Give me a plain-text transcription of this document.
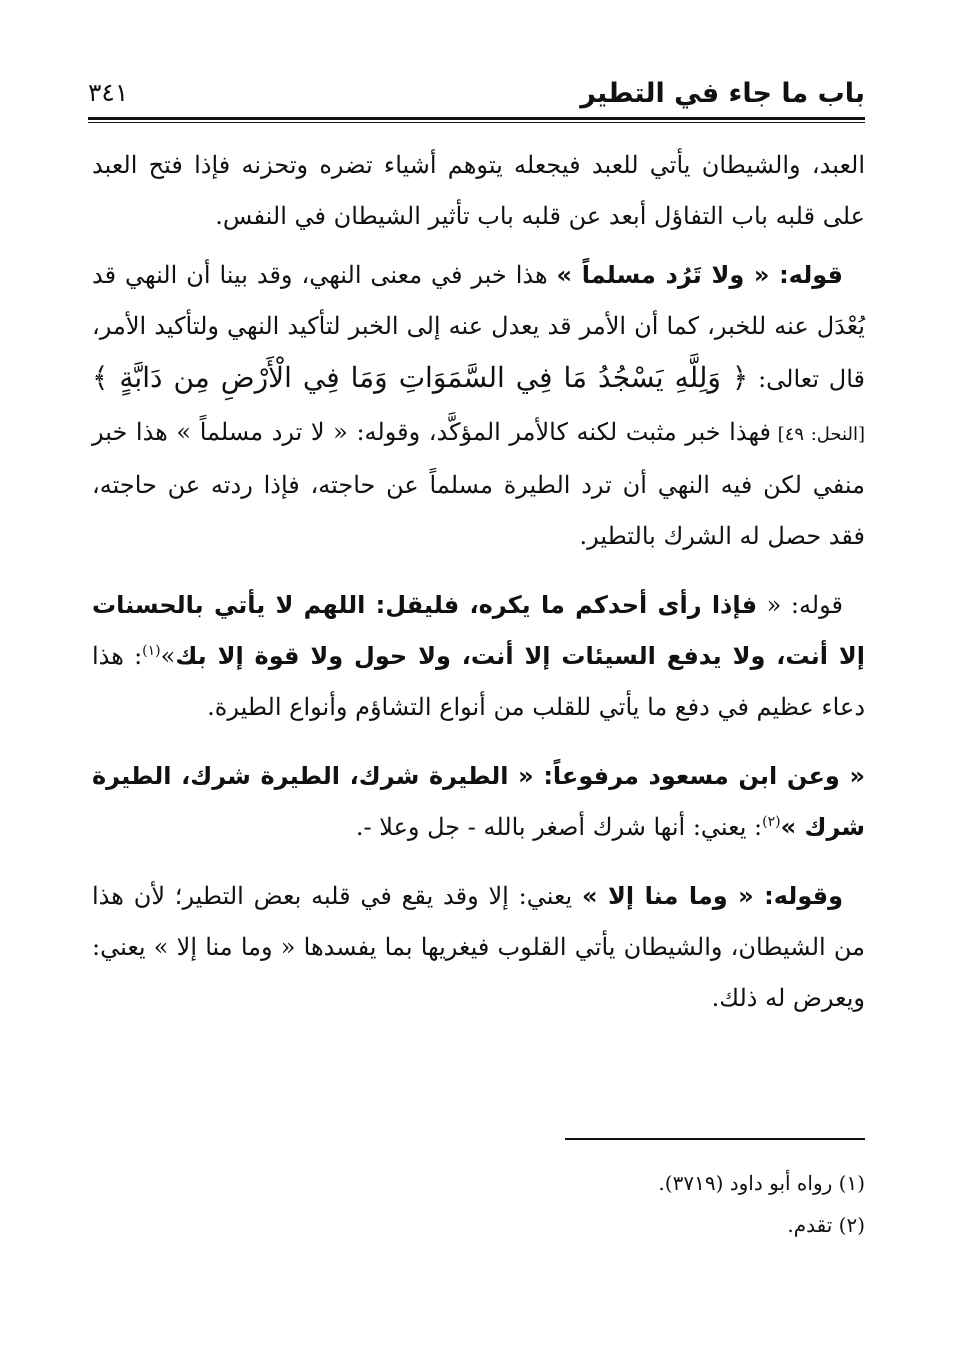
باب ما جاء في التطير
٣٤١

العبد، والشيطان يأتي للعبد فيجعله يتوهم أشياء تضره وتحزنه فإذا فتح العبد على قلبه باب التفاؤل أبعد عن قلبه باب تأثير الشيطان في النفس.

قوله: « ولا تَرُد مسلماً » هذا خبر في معنى النهي، وقد بينا أن النهي قد يُعْدَل عنه للخبر، كما أن الأمر قد يعدل عنه إلى الخبر لتأكيد النهي ولتأكيد الأمر، قال تعالى: ﴿ وَلِلَّهِ يَسْجُدُ مَا فِي السَّمَوَاتِ وَمَا فِي الْأَرْضِ مِن دَابَّةٍ ﴾ [النحل: ٤٩] فهذا خبر مثبت لكنه كالأمر المؤكَّد، وقوله: « لا ترد مسلماً » هذا خبر منفي لكن فيه النهي أن ترد الطيرة مسلماً عن حاجته، فإذا ردته عن حاجته، فقد حصل له الشرك بالتطير.

قوله: « فإذا رأى أحدكم ما يكره، فليقل: اللهم لا يأتي بالحسنات إلا أنت، ولا يدفع السيئات إلا أنت، ولا حول ولا قوة إلا بك»$^{(١)}$: هذا دعاء عظيم في دفع ما يأتي للقلب من أنواع التشاؤم وأنواع الطيرة.

« وعن ابن مسعود مرفوعاً: « الطيرة شرك، الطيرة شرك، الطيرة شرك »$^{(٢)}$: يعني: أنها شرك أصغر بالله - جل وعلا -.

وقوله: « وما منا إلا » يعني: إلا وقد يقع في قلبه بعض التطير؛ لأن هذا من الشيطان، والشيطان يأتي القلوب فيغريها بما يفسدها « وما منا إلا » يعني: ويعرض له ذلك.

(١) رواه أبو داود (٣٧١٩).
(٢) تقدم.
